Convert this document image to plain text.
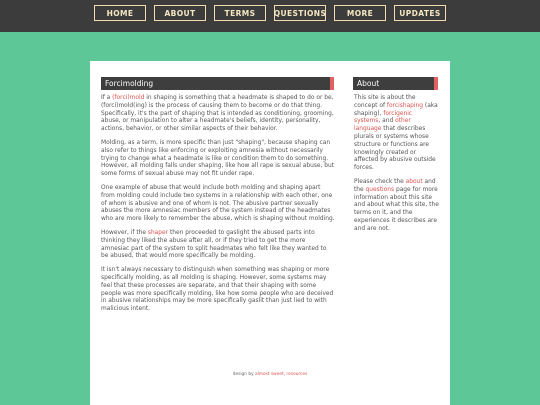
HOME	ABOUT	TERMS	QUESTIONS	MORE	UPDATES
Forcimolding

If a (forci)mold in shaping is something that a headmate is shaped to do or be, (forci)mold(ing) is the process of causing them to become or do that thing. Specifically, it's the part of shaping that is intended as conditioning, grooming, abuse, or manipulation to alter a headmate's beliefs, identity, personality, actions, behavior, or other similar aspects of their behavior.

Molding, as a term, is more specific than just "shaping", because shaping can also refer to things like enforcing or exploiting amnesia without necessarily trying to change what a headmate is like or condition them to do something. However, all molding falls under shaping, like how all rape is sexual abuse, but some forms of sexual abuse may not fit under rape.

One example of abuse that would include both molding and shaping apart from molding could include two systems in a relationship with each other, one of whom is abusive and one of whom is not. The abusive partner sexually abuses the more amnesiac members of the system instead of the headmates who are more likely to remember the abuse, which is shaping without molding.

However, if the shaper then proceeded to gaslight the abused parts into thinking they liked the abuse after all, or if they tried to get the more amnesiac part of the system to split headmates who felt like they wanted to be abused, that would more specifically be molding.

It isn't always necessary to distinguish when something was shaping or more specifically molding, as all molding is shaping. However, some systems may feel that these processes are separate, and that their shaping with some people was more specifically molding, like how some people who are deceived in abusive relationships may be more specifically gaslit than just lied to with malicious intent.

About

This site is about the concept of forcishaping (aka shaping), forcigenic systems, and other language that describes plurals or systems whose structure or functions are knowingly created or affected by abusive outside forces.

Please check the about and the questions page for more information about this site and about what this site, the terms on it, and the experiences it describes are and are not.

design by almost sweet, resources
